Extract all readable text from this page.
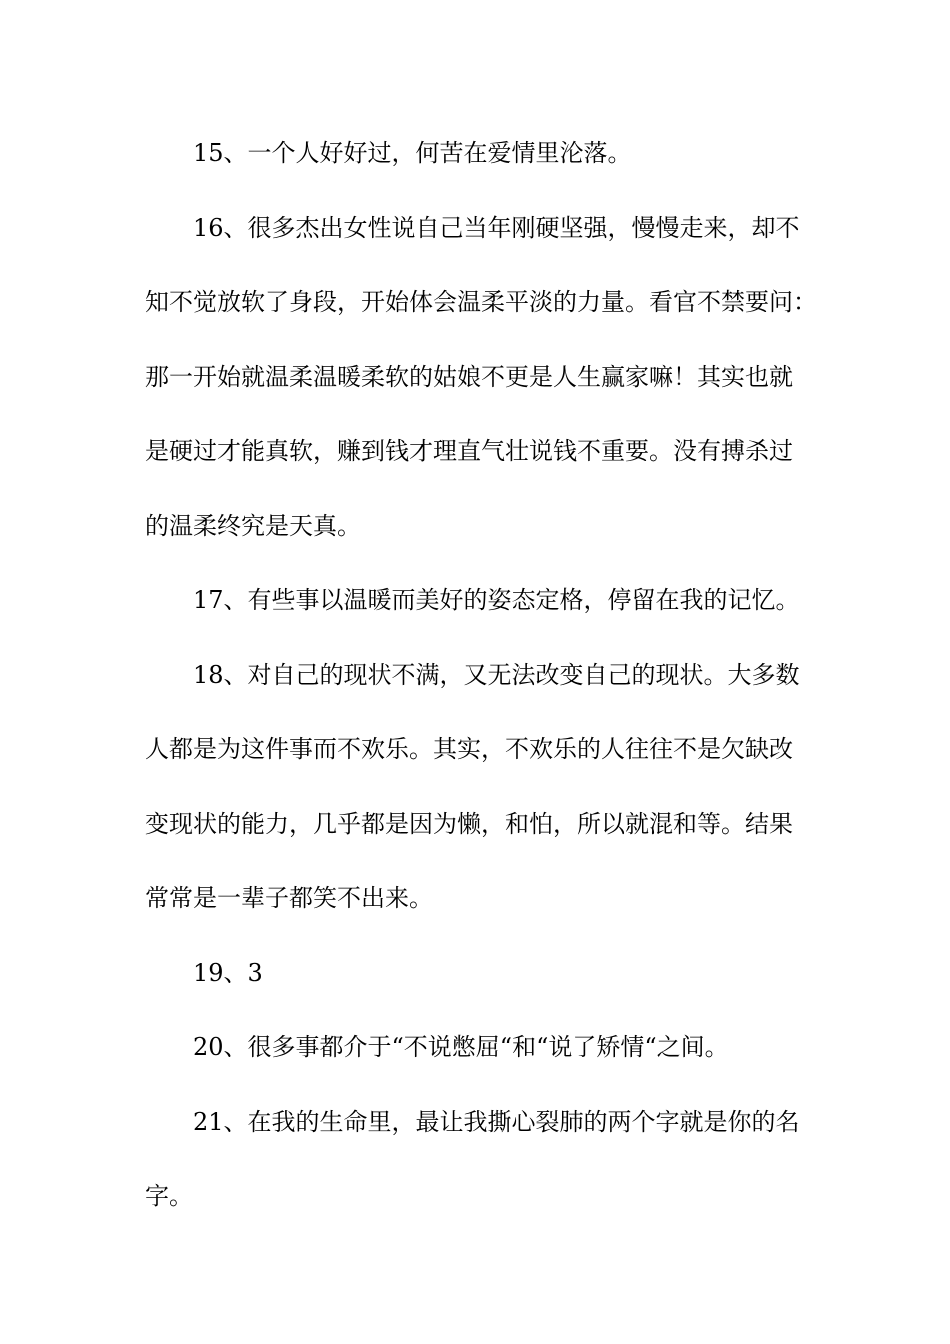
15、一个人好好过，何苦在爱情里沦落。
16、很多杰出女性说自己当年刚硬坚强，慢慢走来，却不
知不觉放软了身段，开始体会温柔平淡的力量。看官不禁要问：
那一开始就温柔温暖柔软的姑娘不更是人生赢家嘛！其实也就
是硬过才能真软，赚到钱才理直气壮说钱不重要。没有搏杀过
的温柔终究是天真。
17、有些事以温暖而美好的姿态定格，停留在我的记忆。
18、对自己的现状不满，又无法改变自己的现状。大多数
人都是为这件事而不欢乐。其实，不欢乐的人往往不是欠缺改
变现状的能力，几乎都是因为懒，和怕，所以就混和等。结果
常常是一辈子都笑不出来。
19、3
20、很多事都介于“不说憋屈“和“说了矫情“之间。
21、在我的生命里，最让我撕心裂肺的两个字就是你的名
字。
